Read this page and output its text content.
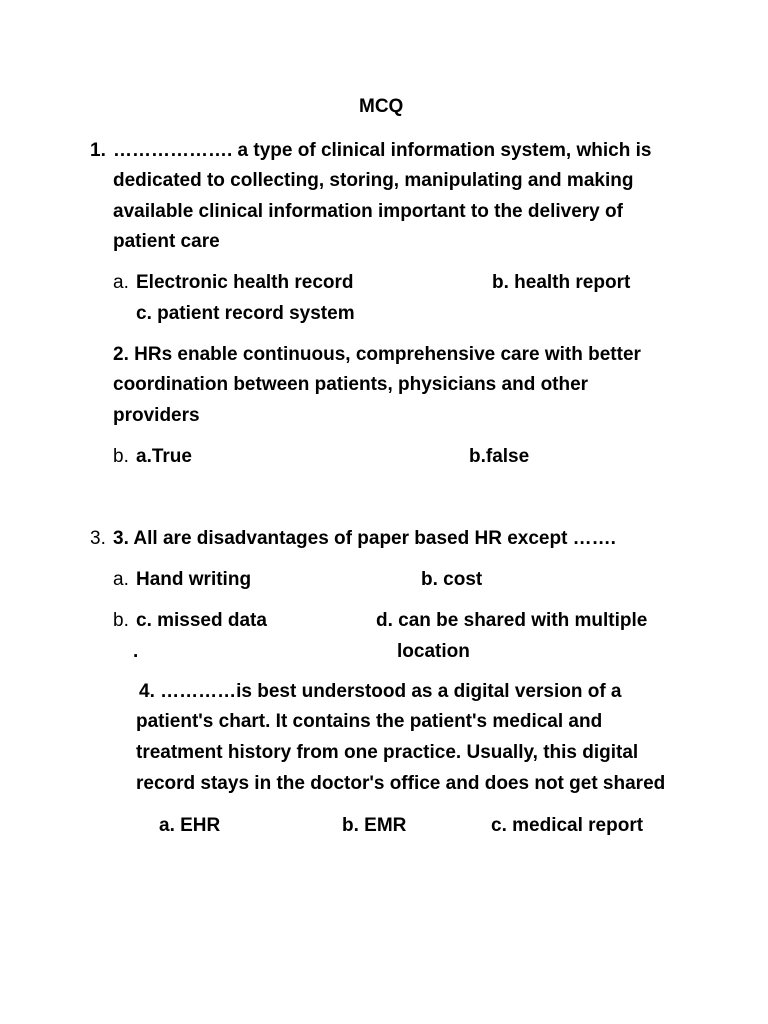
MCQ
1. ………………. a type of clinical information system, which is
dedicated to collecting, storing, manipulating and making
available clinical information important to the delivery of
patient care
a. Electronic health record	b. health report
c. patient record system
2. HRs enable continuous, comprehensive care with better
coordination between patients, physicians and other
providers
b. a.True	b.false
3. 3. All are disadvantages of paper based HR except …….
a. Hand writing	b. cost
b. c. missed data	d. can be shared with multiple
.	location
4. …………is best understood as a digital version of a
patient's chart. It contains the patient's medical and
treatment history from one practice. Usually, this digital
record stays in the doctor's office and does not get shared
a. EHR	b. EMR	c. medical report
